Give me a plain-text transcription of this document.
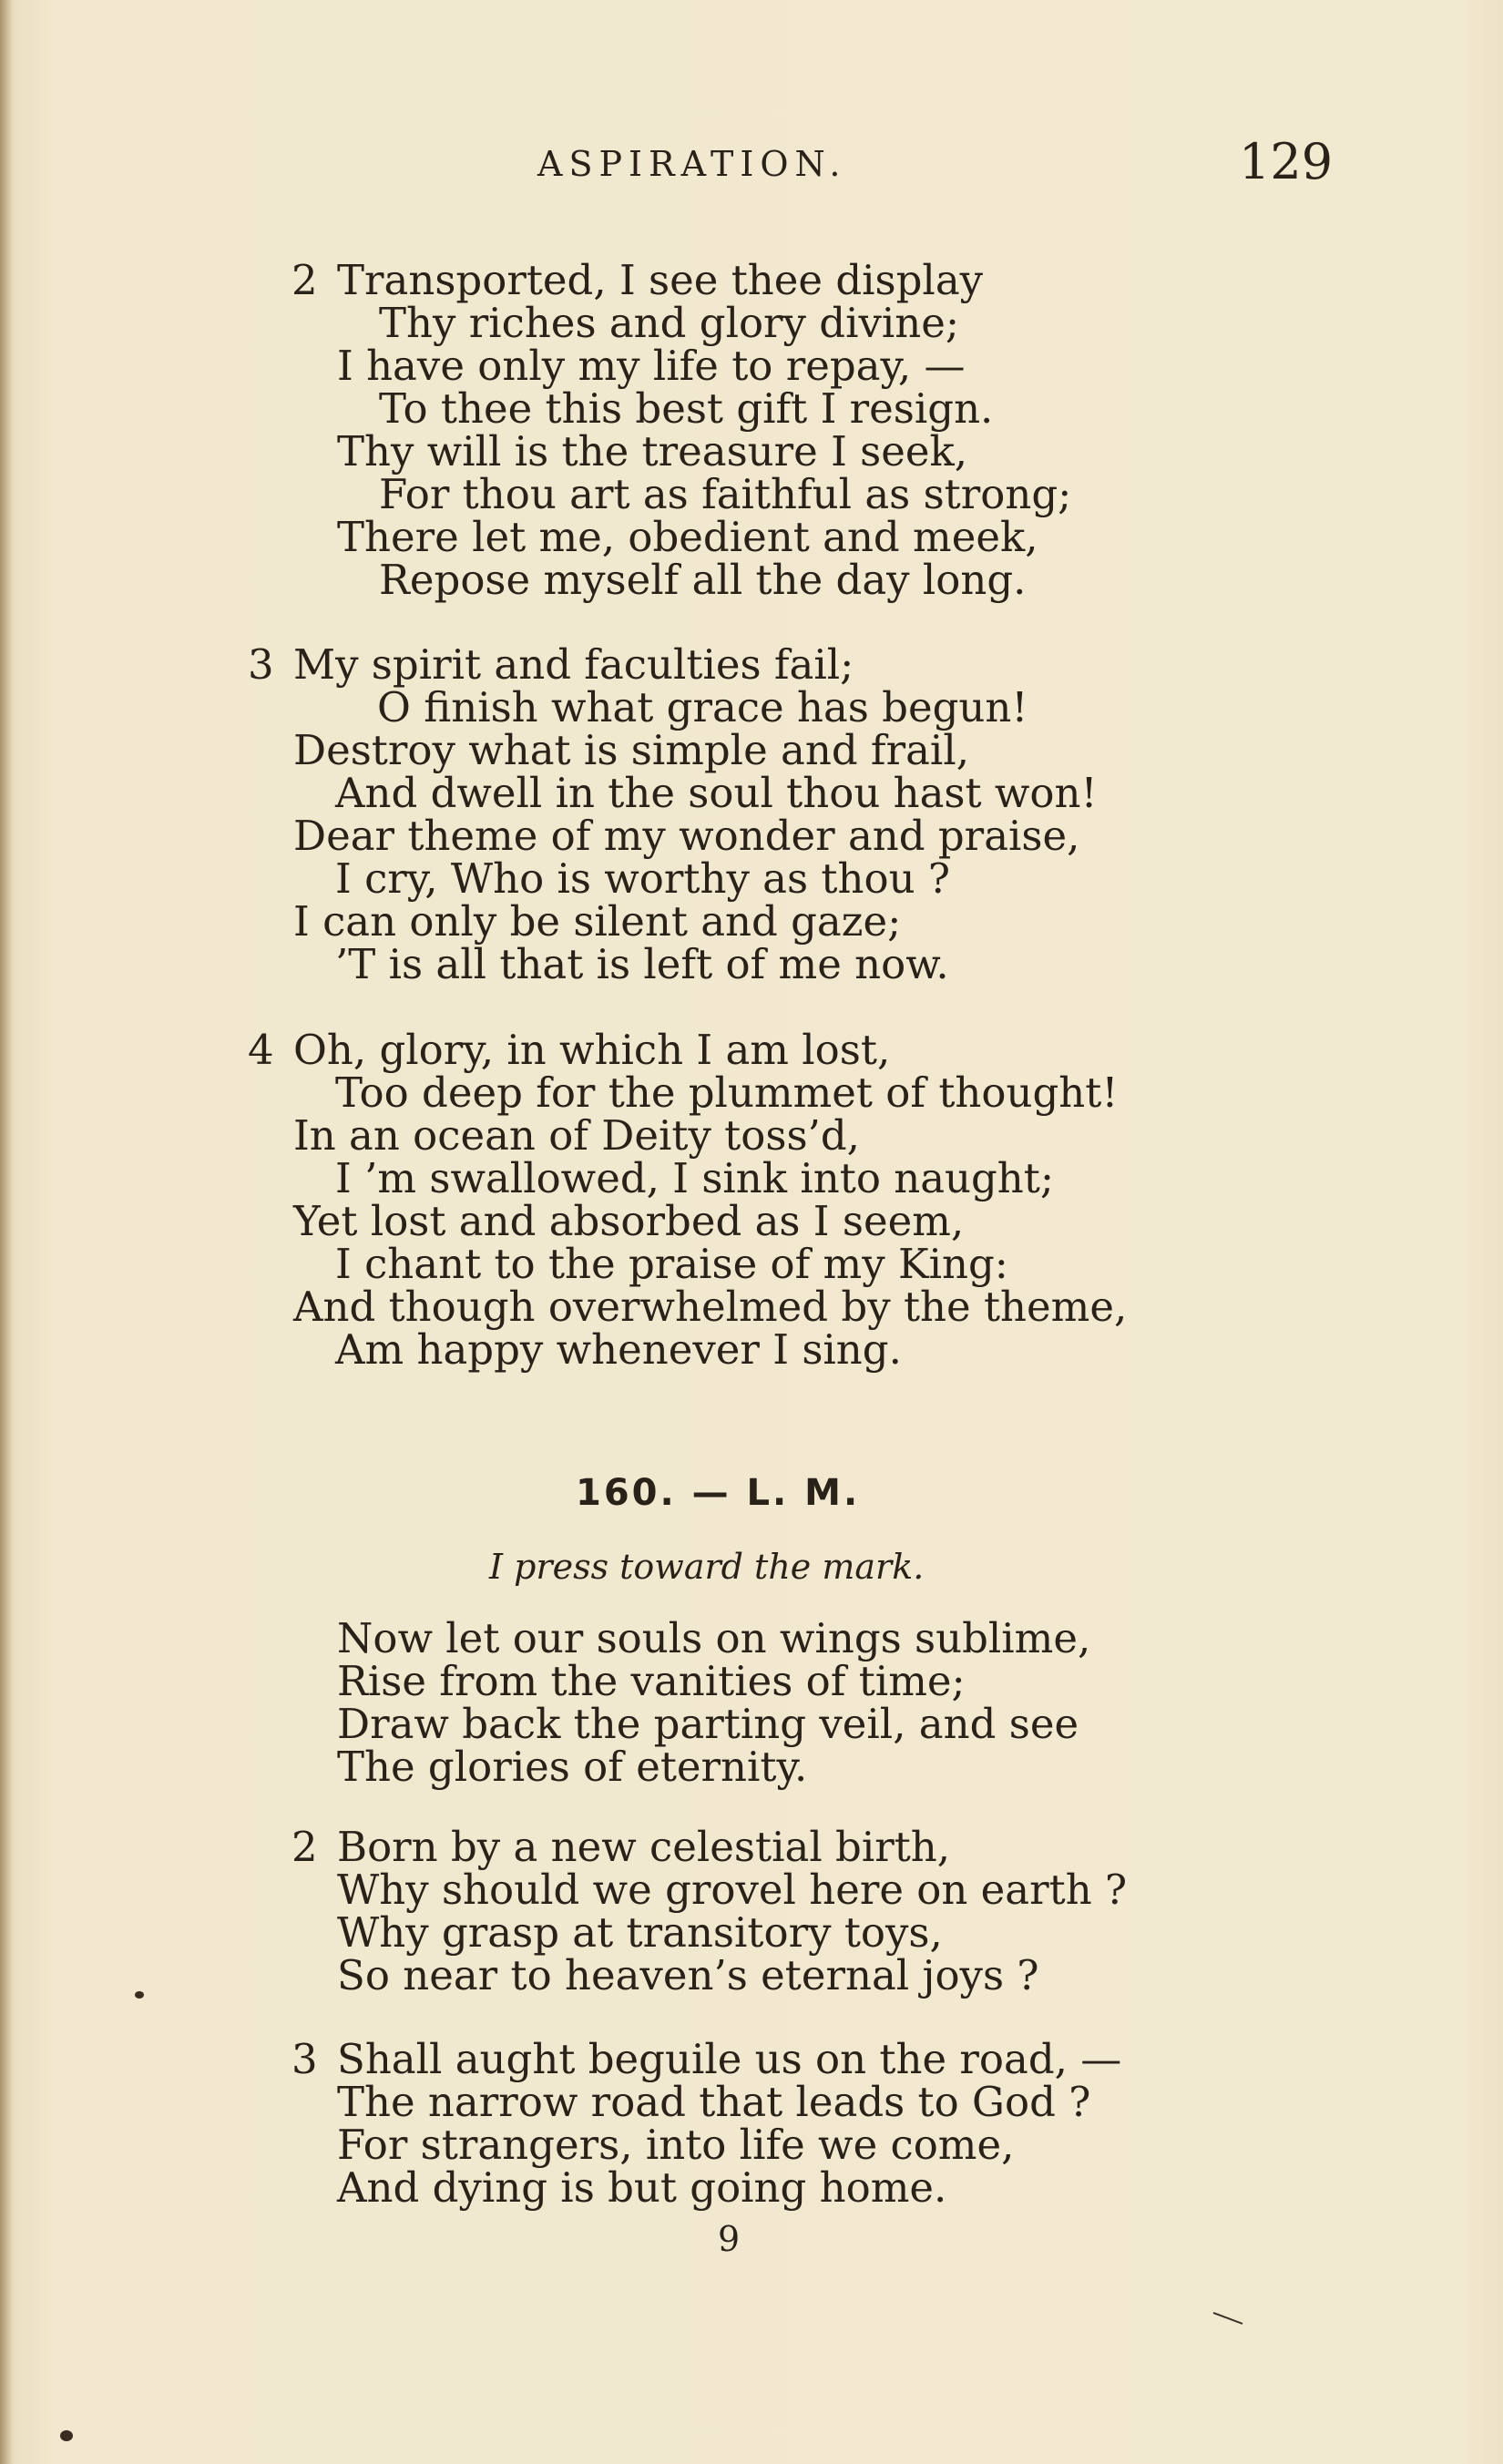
ASPIRATION.	129
2 Transported, I see thee display
Thy riches and glory divine;
I have only my life to repay, —
To thee this best gift I resign.
Thy will is the treasure I seek,
For thou art as faithful as strong;
There let me, obedient and meek,
Repose myself all the day long.
3 My spirit and faculties fail;
O finish what grace has begun!
Destroy what is simple and frail,
And dwell in the soul thou hast won!
Dear theme of my wonder and praise,
I cry, Who is worthy as thou ?
I can only be silent and gaze;
’T is all that is left of me now.
4 Oh, glory, in which I am lost,
Too deep for the plummet of thought!
In an ocean of Deity toss’d,
I ’m swallowed, I sink into naught;
Yet lost and absorbed as I seem,
I chant to the praise of my King:
And though overwhelmed by the theme,
Am happy whenever I sing.
160. — L. M.
I press toward the mark.
Now let our souls on wings sublime,
Rise from the vanities of time;
Draw back the parting veil, and see
The glories of eternity.
2 Born by a new celestial birth,
Why should we grovel here on earth ?
Why grasp at transitory toys,
So near to heaven’s eternal joys ?
3 Shall aught beguile us on the road, —
The narrow road that leads to God ?
For strangers, into life we come,
And dying is but going home.
9
